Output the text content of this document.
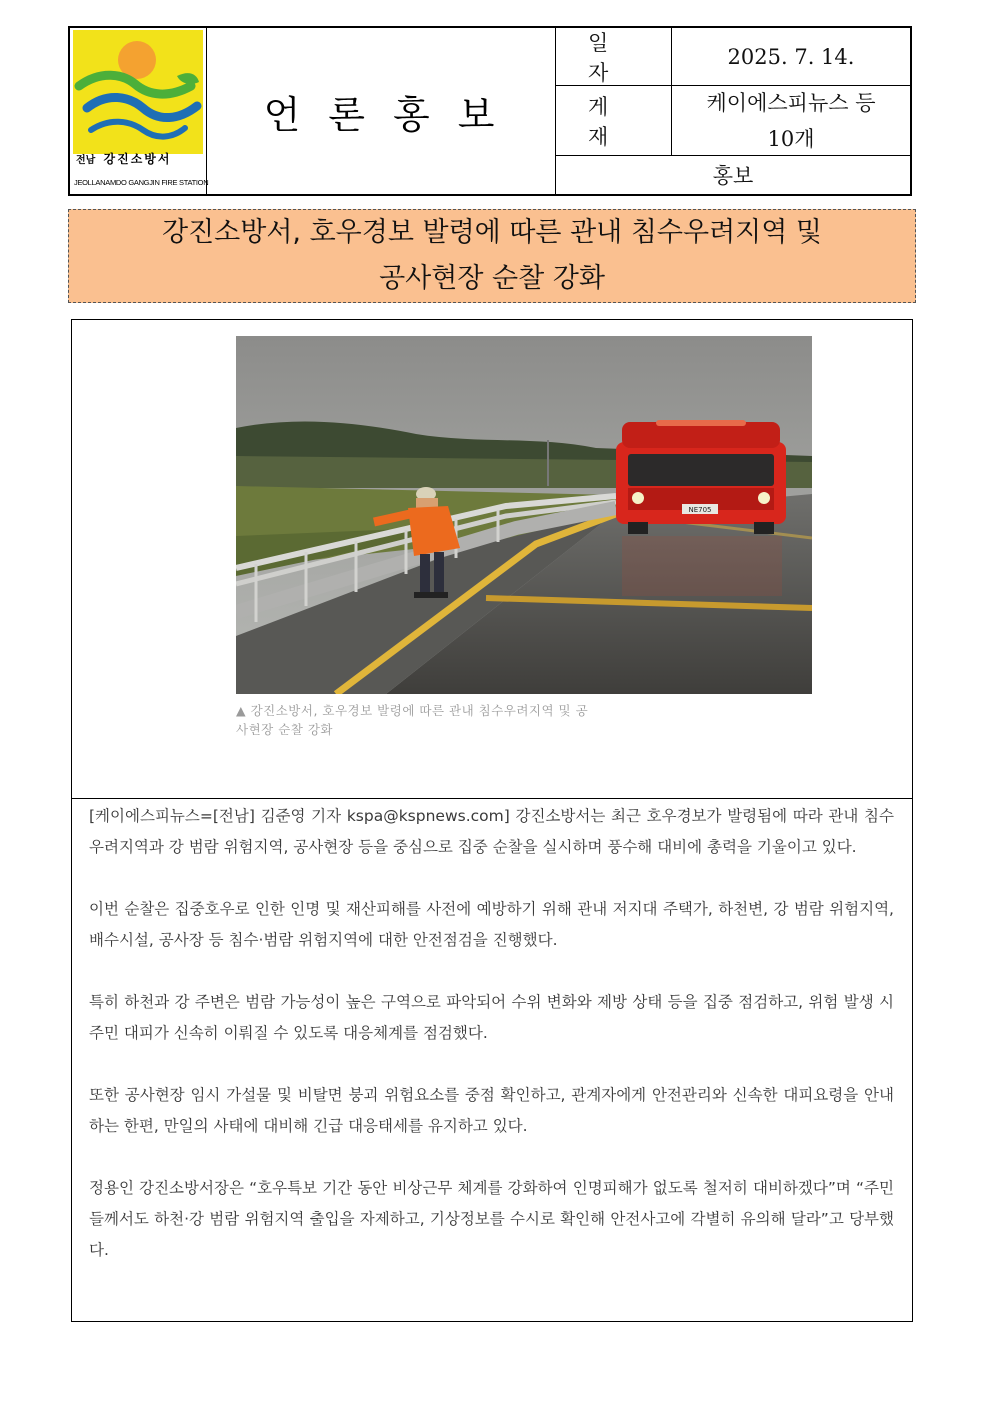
전남 강진소방서
JEOLLANAMDO GANGJIN FIRE STATION
언론홍보
일자
2025. 7. 14.
게재
케이에스피뉴스 등
10개
홍보
강진소방서, 호우경보 발령에 따른 관내 침수우려지역 및
공사현장 순찰 강화
NE705
▲ 강진소방서, 호우경보 발령에 따른 관내 침수우려지역 및 공
사현장 순찰 강화

[케이에스피뉴스=[전남] 김준영 기자 kspa@kspnews.com] 강진소방서는 최근 호우경보가 발령됨에 따라 관내 침수우려지역과 강 범람 위험지역, 공사현장 등을 중심으로 집중 순찰을 실시하며 풍수해 대비에 총력을 기울이고 있다.

이번 순찰은 집중호우로 인한 인명 및 재산피해를 사전에 예방하기 위해 관내 저지대 주택가, 하천변, 강 범람 위험지역, 배수시설, 공사장 등 침수·범람 위험지역에 대한 안전점검을 진행했다.

특히 하천과 강 주변은 범람 가능성이 높은 구역으로 파악되어 수위 변화와 제방 상태 등을 집중 점검하고, 위험 발생 시 주민 대피가 신속히 이뤄질 수 있도록 대응체계를 점검했다.

또한 공사현장 임시 가설물 및 비탈면 붕괴 위험요소를 중점 확인하고, 관계자에게 안전관리와 신속한 대피요령을 안내하는 한편, 만일의 사태에 대비해 긴급 대응태세를 유지하고 있다.

정용인 강진소방서장은 “호우특보 기간 동안 비상근무 체계를 강화하여 인명피해가 없도록 철저히 대비하겠다”며 “주민들께서도 하천·강 범람 위험지역 출입을 자제하고, 기상정보를 수시로 확인해 안전사고에 각별히 유의해 달라”고 당부했다.
